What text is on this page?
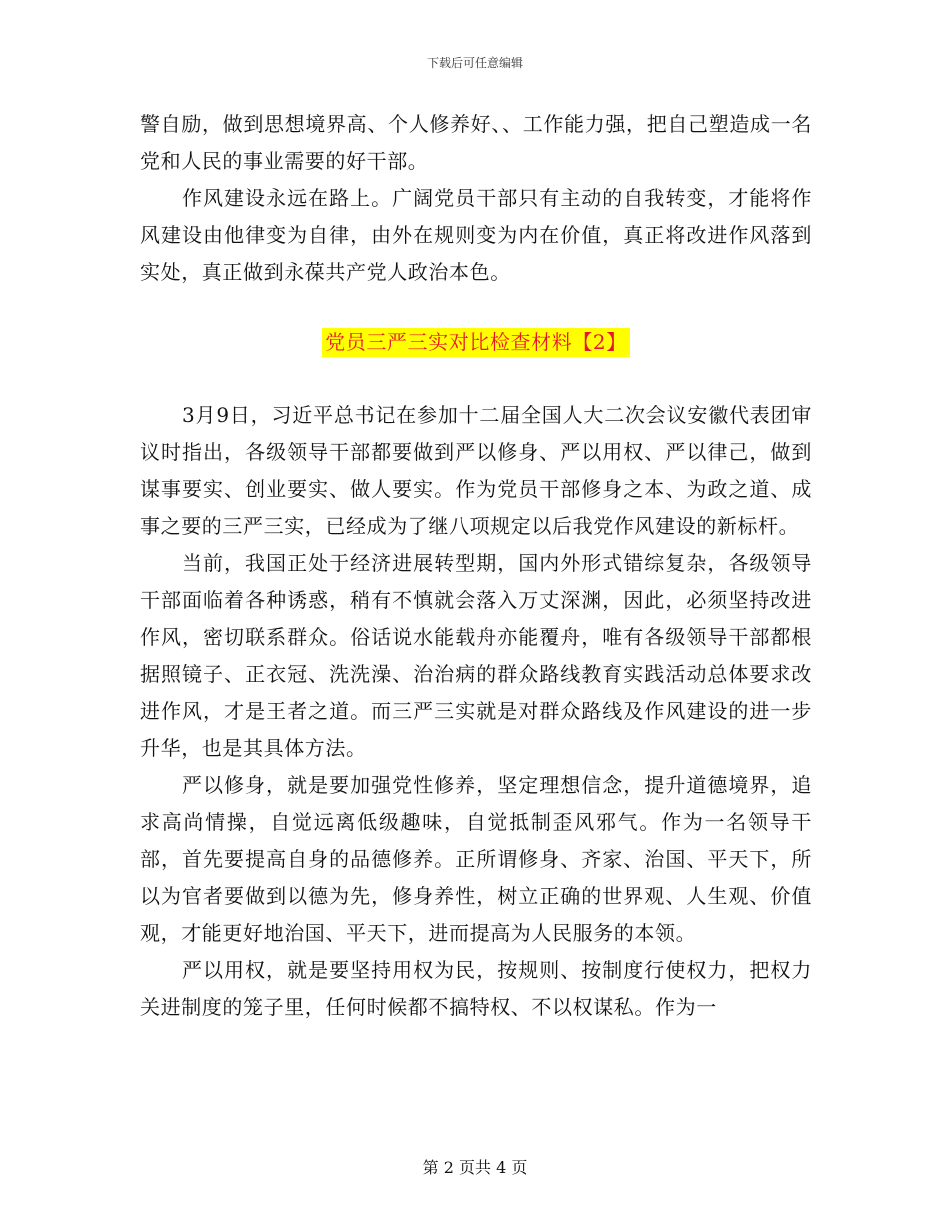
下载后可任意编辑

警自励，做到思想境界高、个人修养好、、工作能力强，把自己塑造成一名党和人民的事业需要的好干部。

作风建设永远在路上。广阔党员干部只有主动的自我转变，才能将作风建设由他律变为自律，由外在规则变为内在价值，真正将改进作风落到实处，真正做到永葆共产党人政治本色。

党员三严三实对比检查材料【2】

3月9日，习近平总书记在参加十二届全国人大二次会议安徽代表团审议时指出，各级领导干部都要做到严以修身、严以用权、严以律己，做到谋事要实、创业要实、做人要实。作为党员干部修身之本、为政之道、成事之要的三严三实，已经成为了继八项规定以后我党作风建设的新标杆。

当前，我国正处于经济进展转型期，国内外形式错综复杂，各级领导干部面临着各种诱惑，稍有不慎就会落入万丈深渊，因此，必须坚持改进作风，密切联系群众。俗话说水能载舟亦能覆舟，唯有各级领导干部都根据照镜子、正衣冠、洗洗澡、治治病的群众路线教育实践活动总体要求改进作风，才是王者之道。而三严三实就是对群众路线及作风建设的进一步升华，也是其具体方法。

严以修身，就是要加强党性修养，坚定理想信念，提升道德境界，追求高尚情操，自觉远离低级趣味，自觉抵制歪风邪气。作为一名领导干部，首先要提高自身的品德修养。正所谓修身、齐家、治国、平天下，所以为官者要做到以德为先，修身养性，树立正确的世界观、人生观、价值观，才能更好地治国、平天下，进而提高为人民服务的本领。

严以用权，就是要坚持用权为民，按规则、按制度行使权力，把权力关进制度的笼子里，任何时候都不搞特权、不以权谋私。作为一

第 2 页共 4 页
